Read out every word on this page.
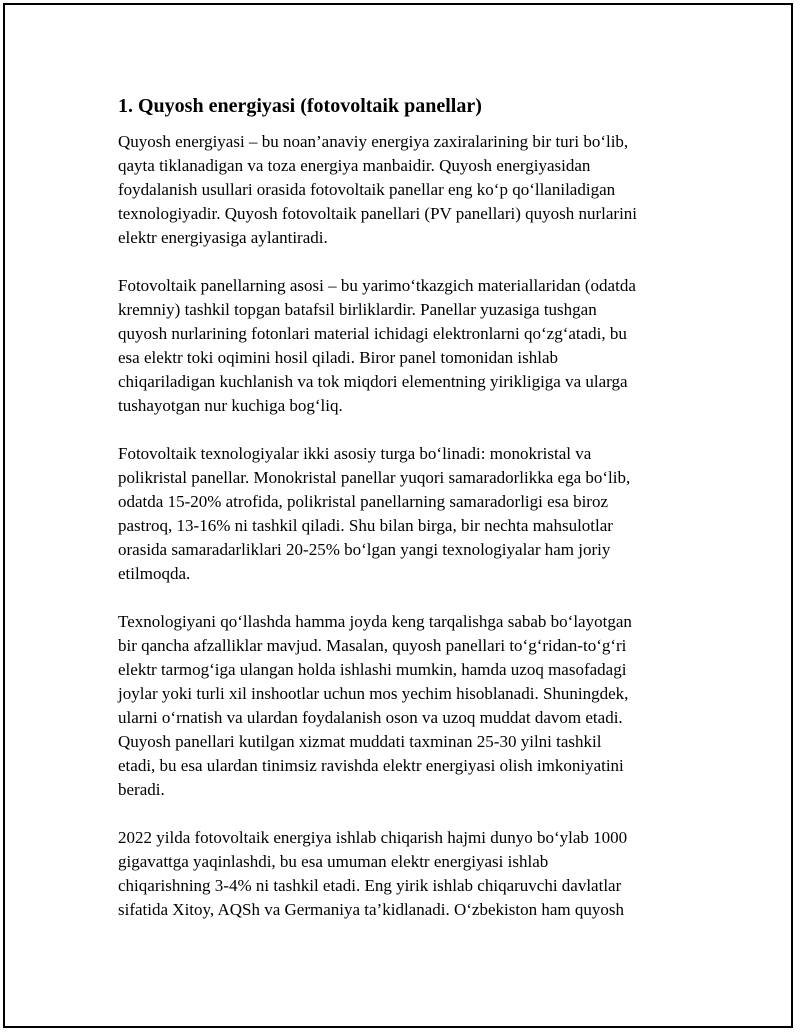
1. Quyosh energiyasi (fotovoltaik panellar)
Quyosh energiyasi – bu noan’anaviy energiya zaxiralarining bir turi bo‘lib,
qayta tiklanadigan va toza energiya manbaidir. Quyosh energiyasidan
foydalanish usullari orasida fotovoltaik panellar eng ko‘p qo‘llaniladigan
texnologiyadir. Quyosh fotovoltaik panellari (PV panellari) quyosh nurlarini
elektr energiyasiga aylantiradi.
Fotovoltaik panellarning asosi – bu yarimo‘tkazgich materiallaridan (odatda
kremniy) tashkil topgan batafsil birliklardir. Panellar yuzasiga tushgan
quyosh nurlarining fotonlari material ichidagi elektronlarni qo‘zg‘atadi, bu
esa elektr toki oqimini hosil qiladi. Biror panel tomonidan ishlab
chiqariladigan kuchlanish va tok miqdori elementning yirikligiga va ularga
tushayotgan nur kuchiga bog‘liq.
Fotovoltaik texnologiyalar ikki asosiy turga bo‘linadi: monokristal va
polikristal panellar. Monokristal panellar yuqori samaradorlikka ega bo‘lib,
odatda 15-20% atrofida, polikristal panellarning samaradorligi esa biroz
pastroq, 13-16% ni tashkil qiladi. Shu bilan birga, bir nechta mahsulotlar
orasida samaradarliklari 20-25% bo‘lgan yangi texnologiyalar ham joriy
etilmoqda.
Texnologiyani qo‘llashda hamma joyda keng tarqalishga sabab bo‘layotgan
bir qancha afzalliklar mavjud. Masalan, quyosh panellari to‘g‘ridan-to‘g‘ri
elektr tarmog‘iga ulangan holda ishlashi mumkin, hamda uzoq masofadagi
joylar yoki turli xil inshootlar uchun mos yechim hisoblanadi. Shuningdek,
ularni o‘rnatish va ulardan foydalanish oson va uzoq muddat davom etadi.
Quyosh panellari kutilgan xizmat muddati taxminan 25-30 yilni tashkil
etadi, bu esa ulardan tinimsiz ravishda elektr energiyasi olish imkoniyatini
beradi.
2022 yilda fotovoltaik energiya ishlab chiqarish hajmi dunyo bo‘ylab 1000
gigavattga yaqinlashdi, bu esa umuman elektr energiyasi ishlab
chiqarishning 3-4% ni tashkil etadi. Eng yirik ishlab chiqaruvchi davlatlar
sifatida Xitoy, AQSh va Germaniya ta’kidlanadi. O‘zbekiston ham quyosh
